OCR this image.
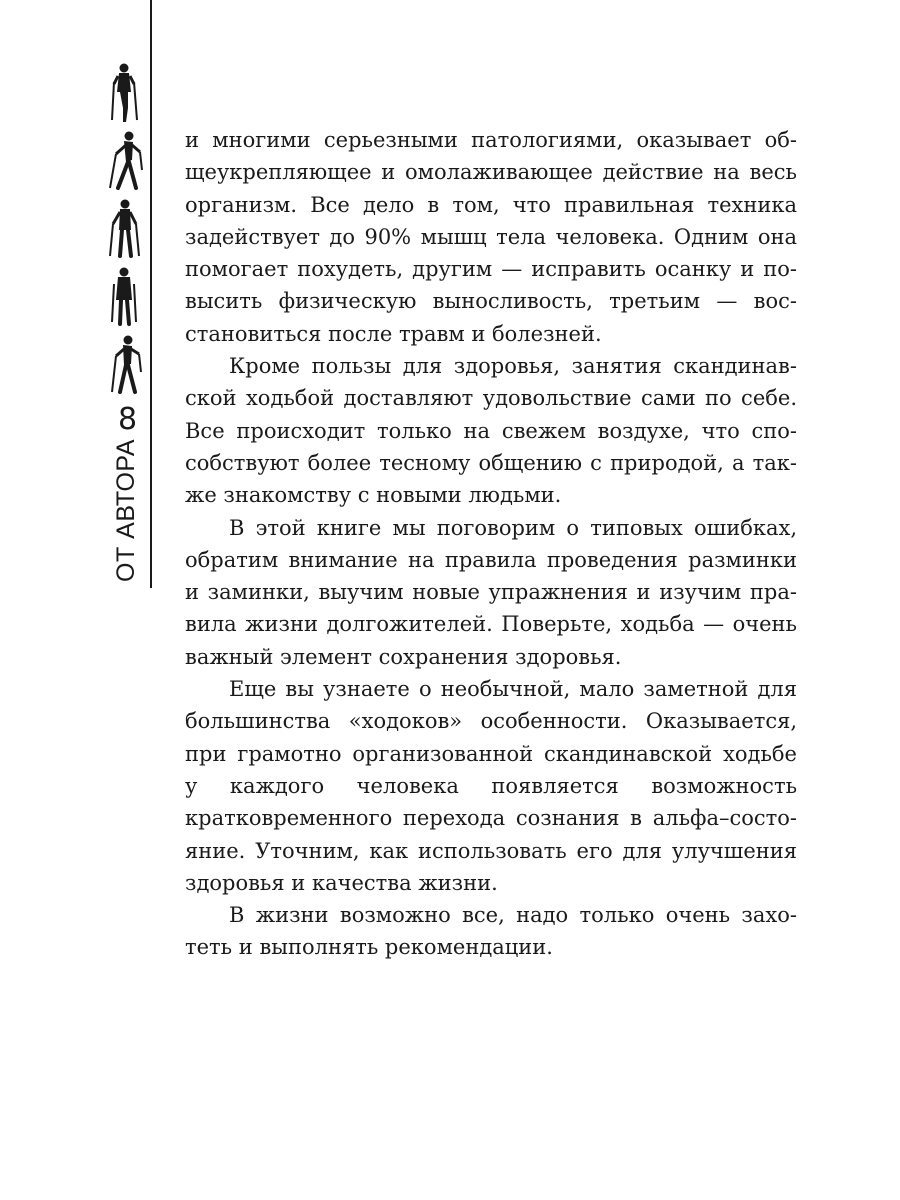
8
ОТ АВТОРА

и многими серьезными патологиями, оказывает общеукрепляющее и омолаживающее действие на весь организм. Все дело в том, что правильная техника задействует до 90% мышц тела человека. Одним она помогает похудеть, другим — исправить осанку и повысить физическую выносливость, третьим — восстановиться после травм и болезней.

Кроме пользы для здоровья, занятия скандинавской ходьбой доставляют удовольствие сами по себе. Все происходит только на свежем воздухе, что способствуют более тесному общению с природой, а также знакомству с новыми людьми.

В этой книге мы поговорим о типовых ошибках, обратим внимание на правила проведения разминки и заминки, выучим новые упражнения и изучим правила жизни долгожителей. Поверьте, ходьба — очень важный элемент сохранения здоровья.

Еще вы узнаете о необычной, мало заметной для большинства «ходоков» особенности. Оказывается, при грамотно организованной скандинавской ходьбе у каждого человека появляется возможность кратковременного перехода сознания в альфа–состояние. Уточним, как использовать его для улучшения здоровья и качества жизни.

В жизни возможно все, надо только очень захотеть и выполнять рекомендации.
